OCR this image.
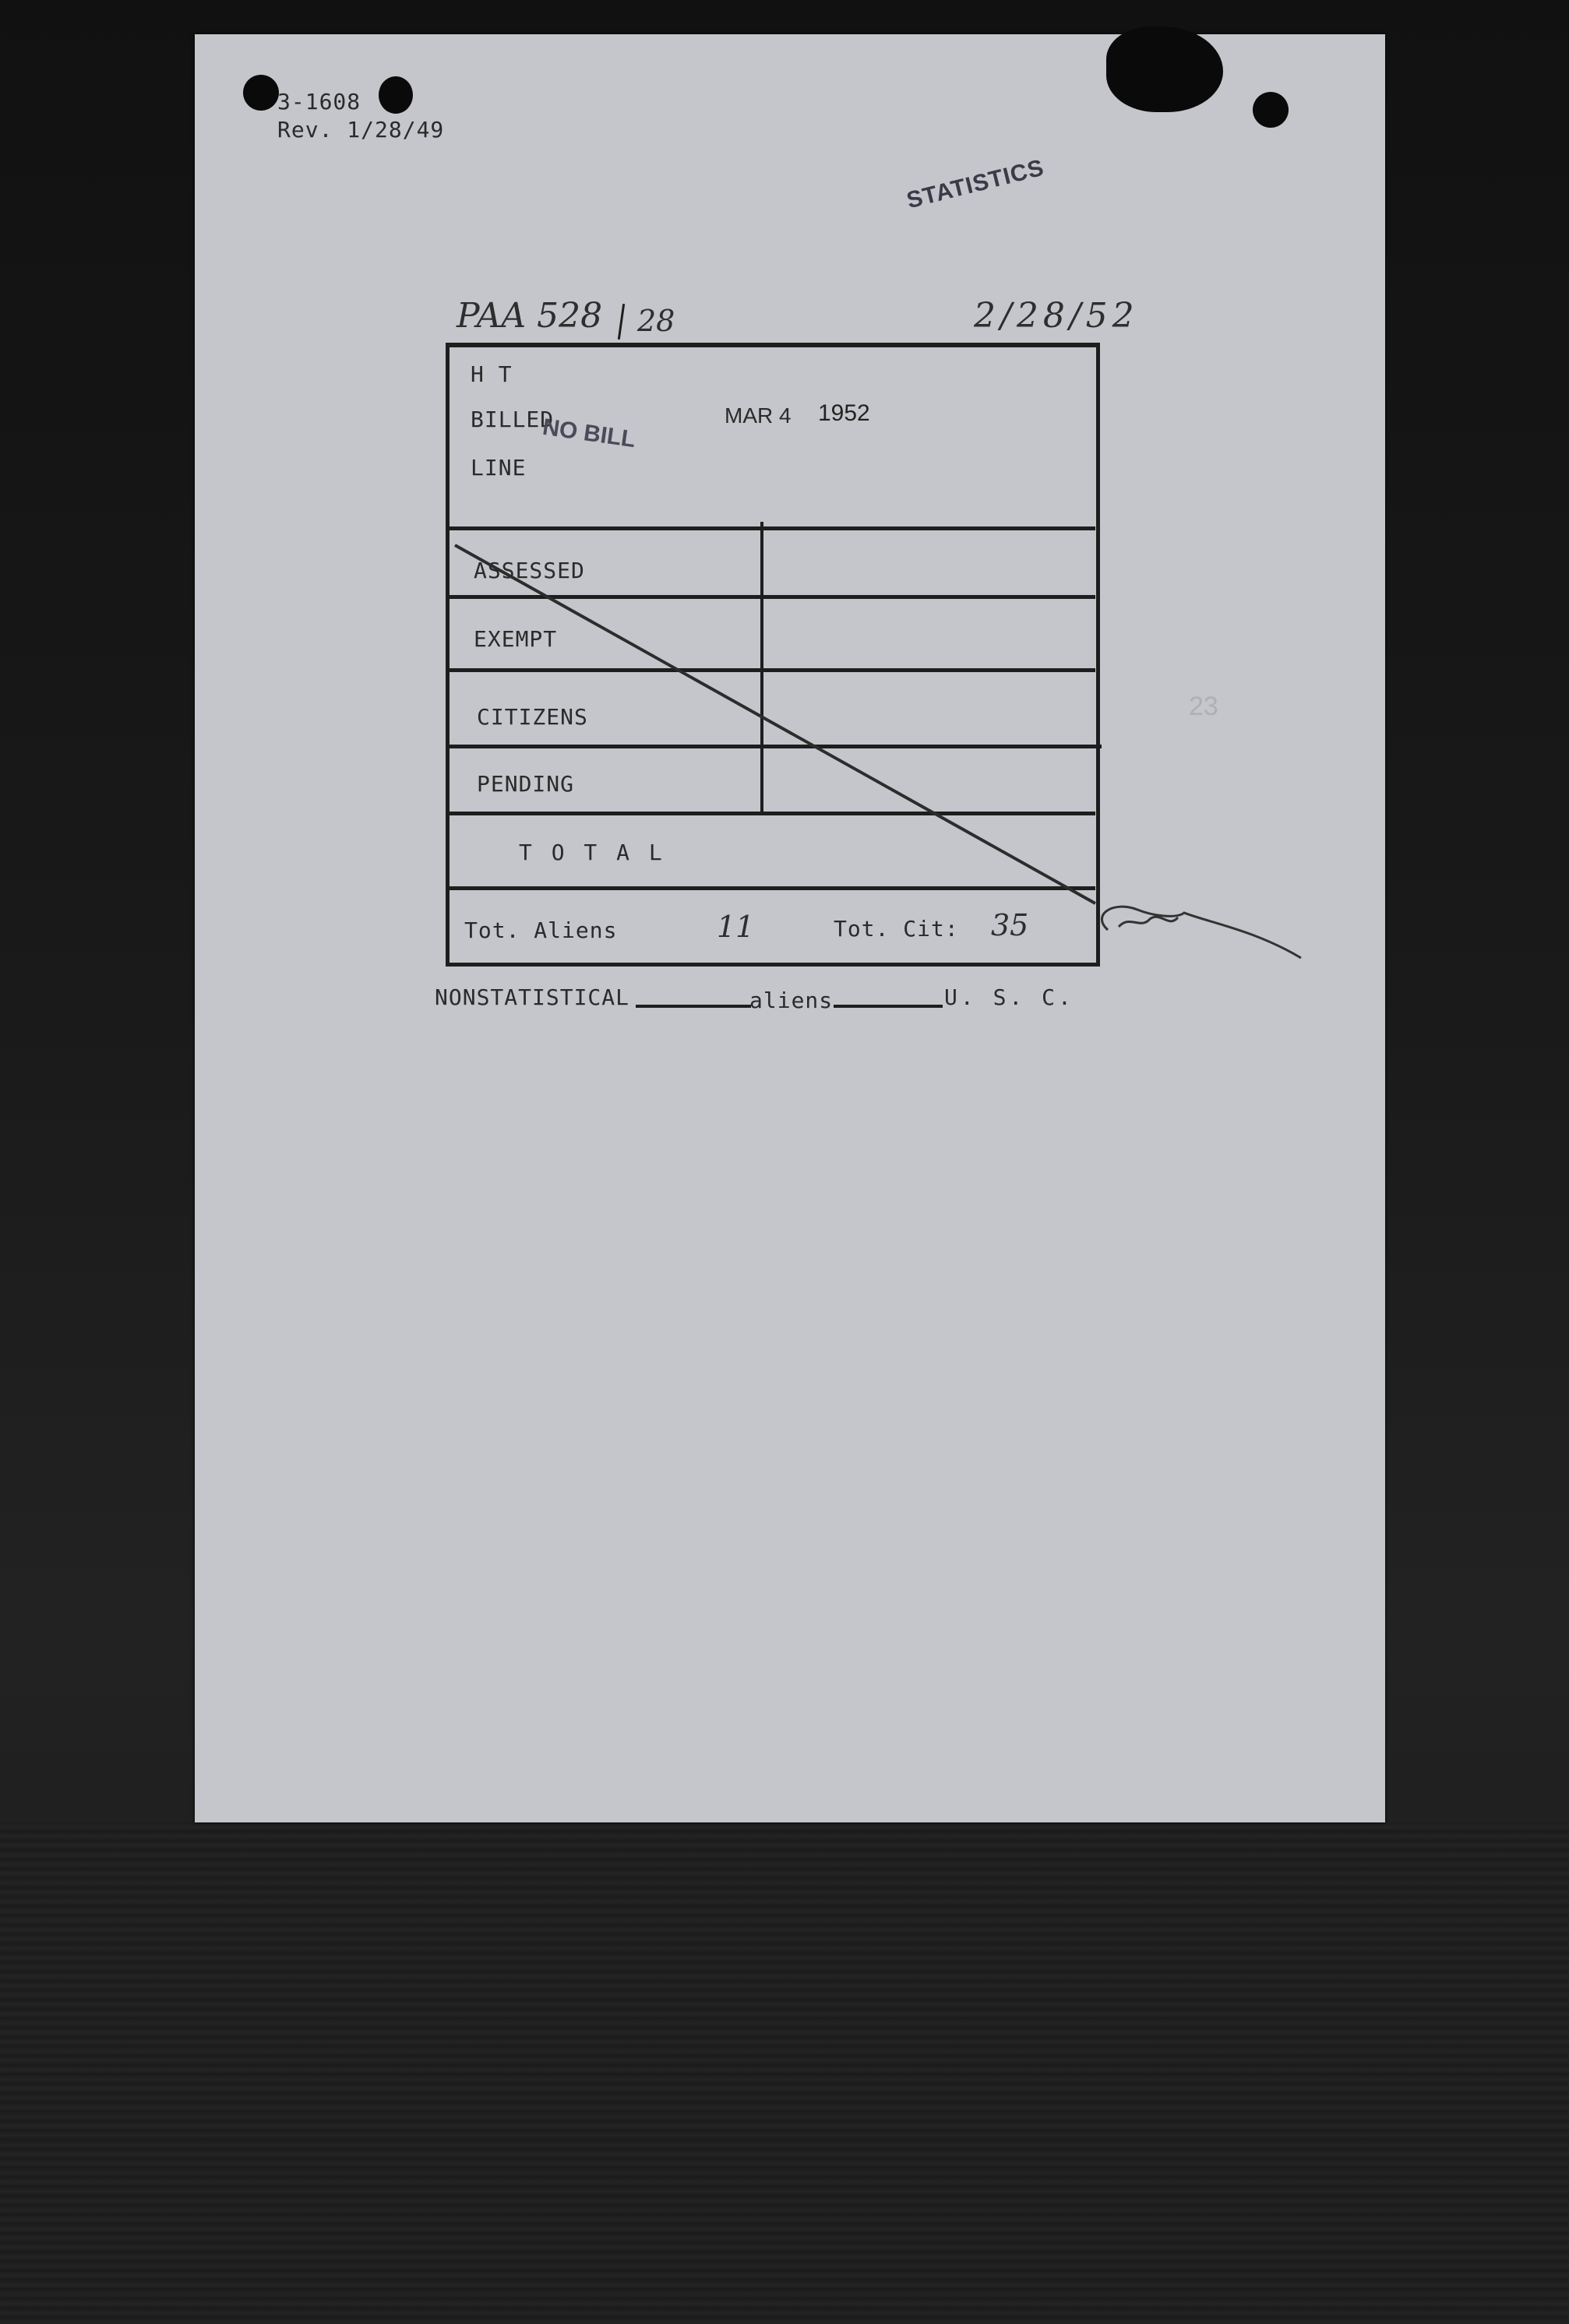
3-1608
Rev. 1/28/49
STATISTICS
PAA 528 28	2/28/52
H T
BILLED
NO BILL
LINE
MAR 4 1952
ASSESSED
EXEMPT
CITIZENS
PENDING
T O T A L
Tot. Aliens	11	Tot. Cit: 35
NONSTATISTICAL	aliens	U. S. C.
23
